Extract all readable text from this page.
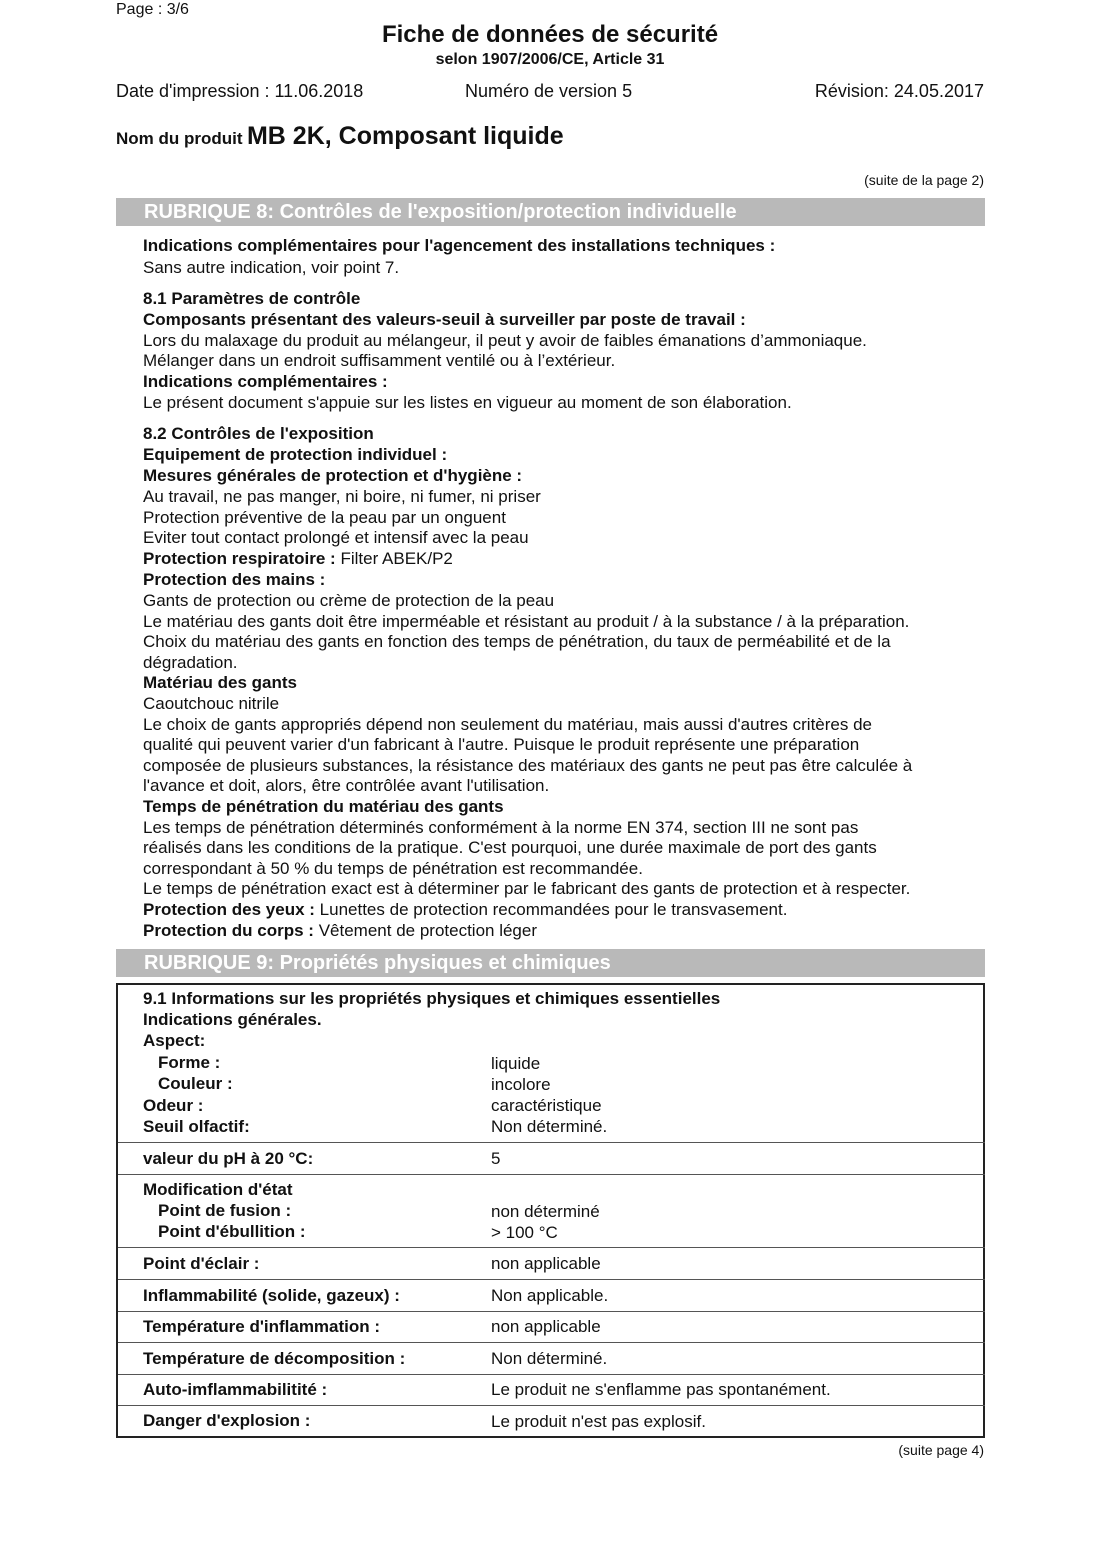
Page : 3/6
Fiche de données de sécurité
selon 1907/2006/CE, Article 31
Date d'impression : 11.06.2018	Numéro de version 5	Révision: 24.05.2017
Nom du produit MB 2K, Composant liquide
(suite de la page 2)
RUBRIQUE 8: Contrôles de l'exposition/protection individuelle
Indications complémentaires pour l'agencement des installations techniques :
Sans autre indication, voir point 7.
8.1 Paramètres de contrôle
Composants présentant des valeurs-seuil à surveiller par poste de travail :
Lors du malaxage du produit au mélangeur, il peut y avoir de faibles émanations d’ammoniaque.
Mélanger dans un endroit suffisamment ventilé ou à l’extérieur.
Indications complémentaires :
Le présent document s'appuie sur les listes en vigueur au moment de son élaboration.
8.2 Contrôles de l'exposition
Equipement de protection individuel :
Mesures générales de protection et d'hygiène :
Au travail, ne pas manger, ni boire, ni fumer, ni priser
Protection préventive de la peau par un onguent
Eviter tout contact prolongé et intensif avec la peau
Protection respiratoire : Filter ABEK/P2
Protection des mains :
Gants de protection ou crème de protection de la peau
Le matériau des gants doit être imperméable et résistant au produit / à la substance / à la préparation.
Choix du matériau des gants en fonction des temps de pénétration, du taux de perméabilité et de la
dégradation.
Matériau des gants
Caoutchouc nitrile
Le choix de gants appropriés dépend non seulement du matériau, mais aussi d'autres critères de
qualité qui peuvent varier d'un fabricant à l'autre. Puisque le produit représente une préparation
composée de plusieurs substances, la résistance des matériaux des gants ne peut pas être calculée à
l'avance et doit, alors, être contrôlée avant l'utilisation.
Temps de pénétration du matériau des gants
Les temps de pénétration déterminés conformément à la norme EN 374, section III ne sont pas
réalisés dans les conditions de la pratique. C'est pourquoi, une durée maximale de port des gants
correspondant à 50 % du temps de pénétration est recommandée.
Le temps de pénétration exact est à déterminer par le fabricant des gants de protection et à respecter.
Protection des yeux : Lunettes de protection recommandées pour le transvasement.
Protection du corps : Vêtement de protection léger
RUBRIQUE 9: Propriétés physiques et chimiques
9.1 Informations sur les propriétés physiques et chimiques essentielles
Indications générales.
Aspect:
Forme :	liquide
Couleur :	incolore
Odeur :	caractéristique
Seuil olfactif:	Non déterminé.
valeur du pH à 20 °C:	5
Modification d'état
Point de fusion :	non déterminé
Point d'ébullition :	> 100 °C
Point d'éclair :	non applicable
Inflammabilité (solide, gazeux) :	Non applicable.
Température d'inflammation :	non applicable
Température de décomposition :	Non déterminé.
Auto-imflammabilitité :	Le produit ne s'enflamme pas spontanément.
Danger d'explosion :	Le produit n'est pas explosif.
(suite page 4)
